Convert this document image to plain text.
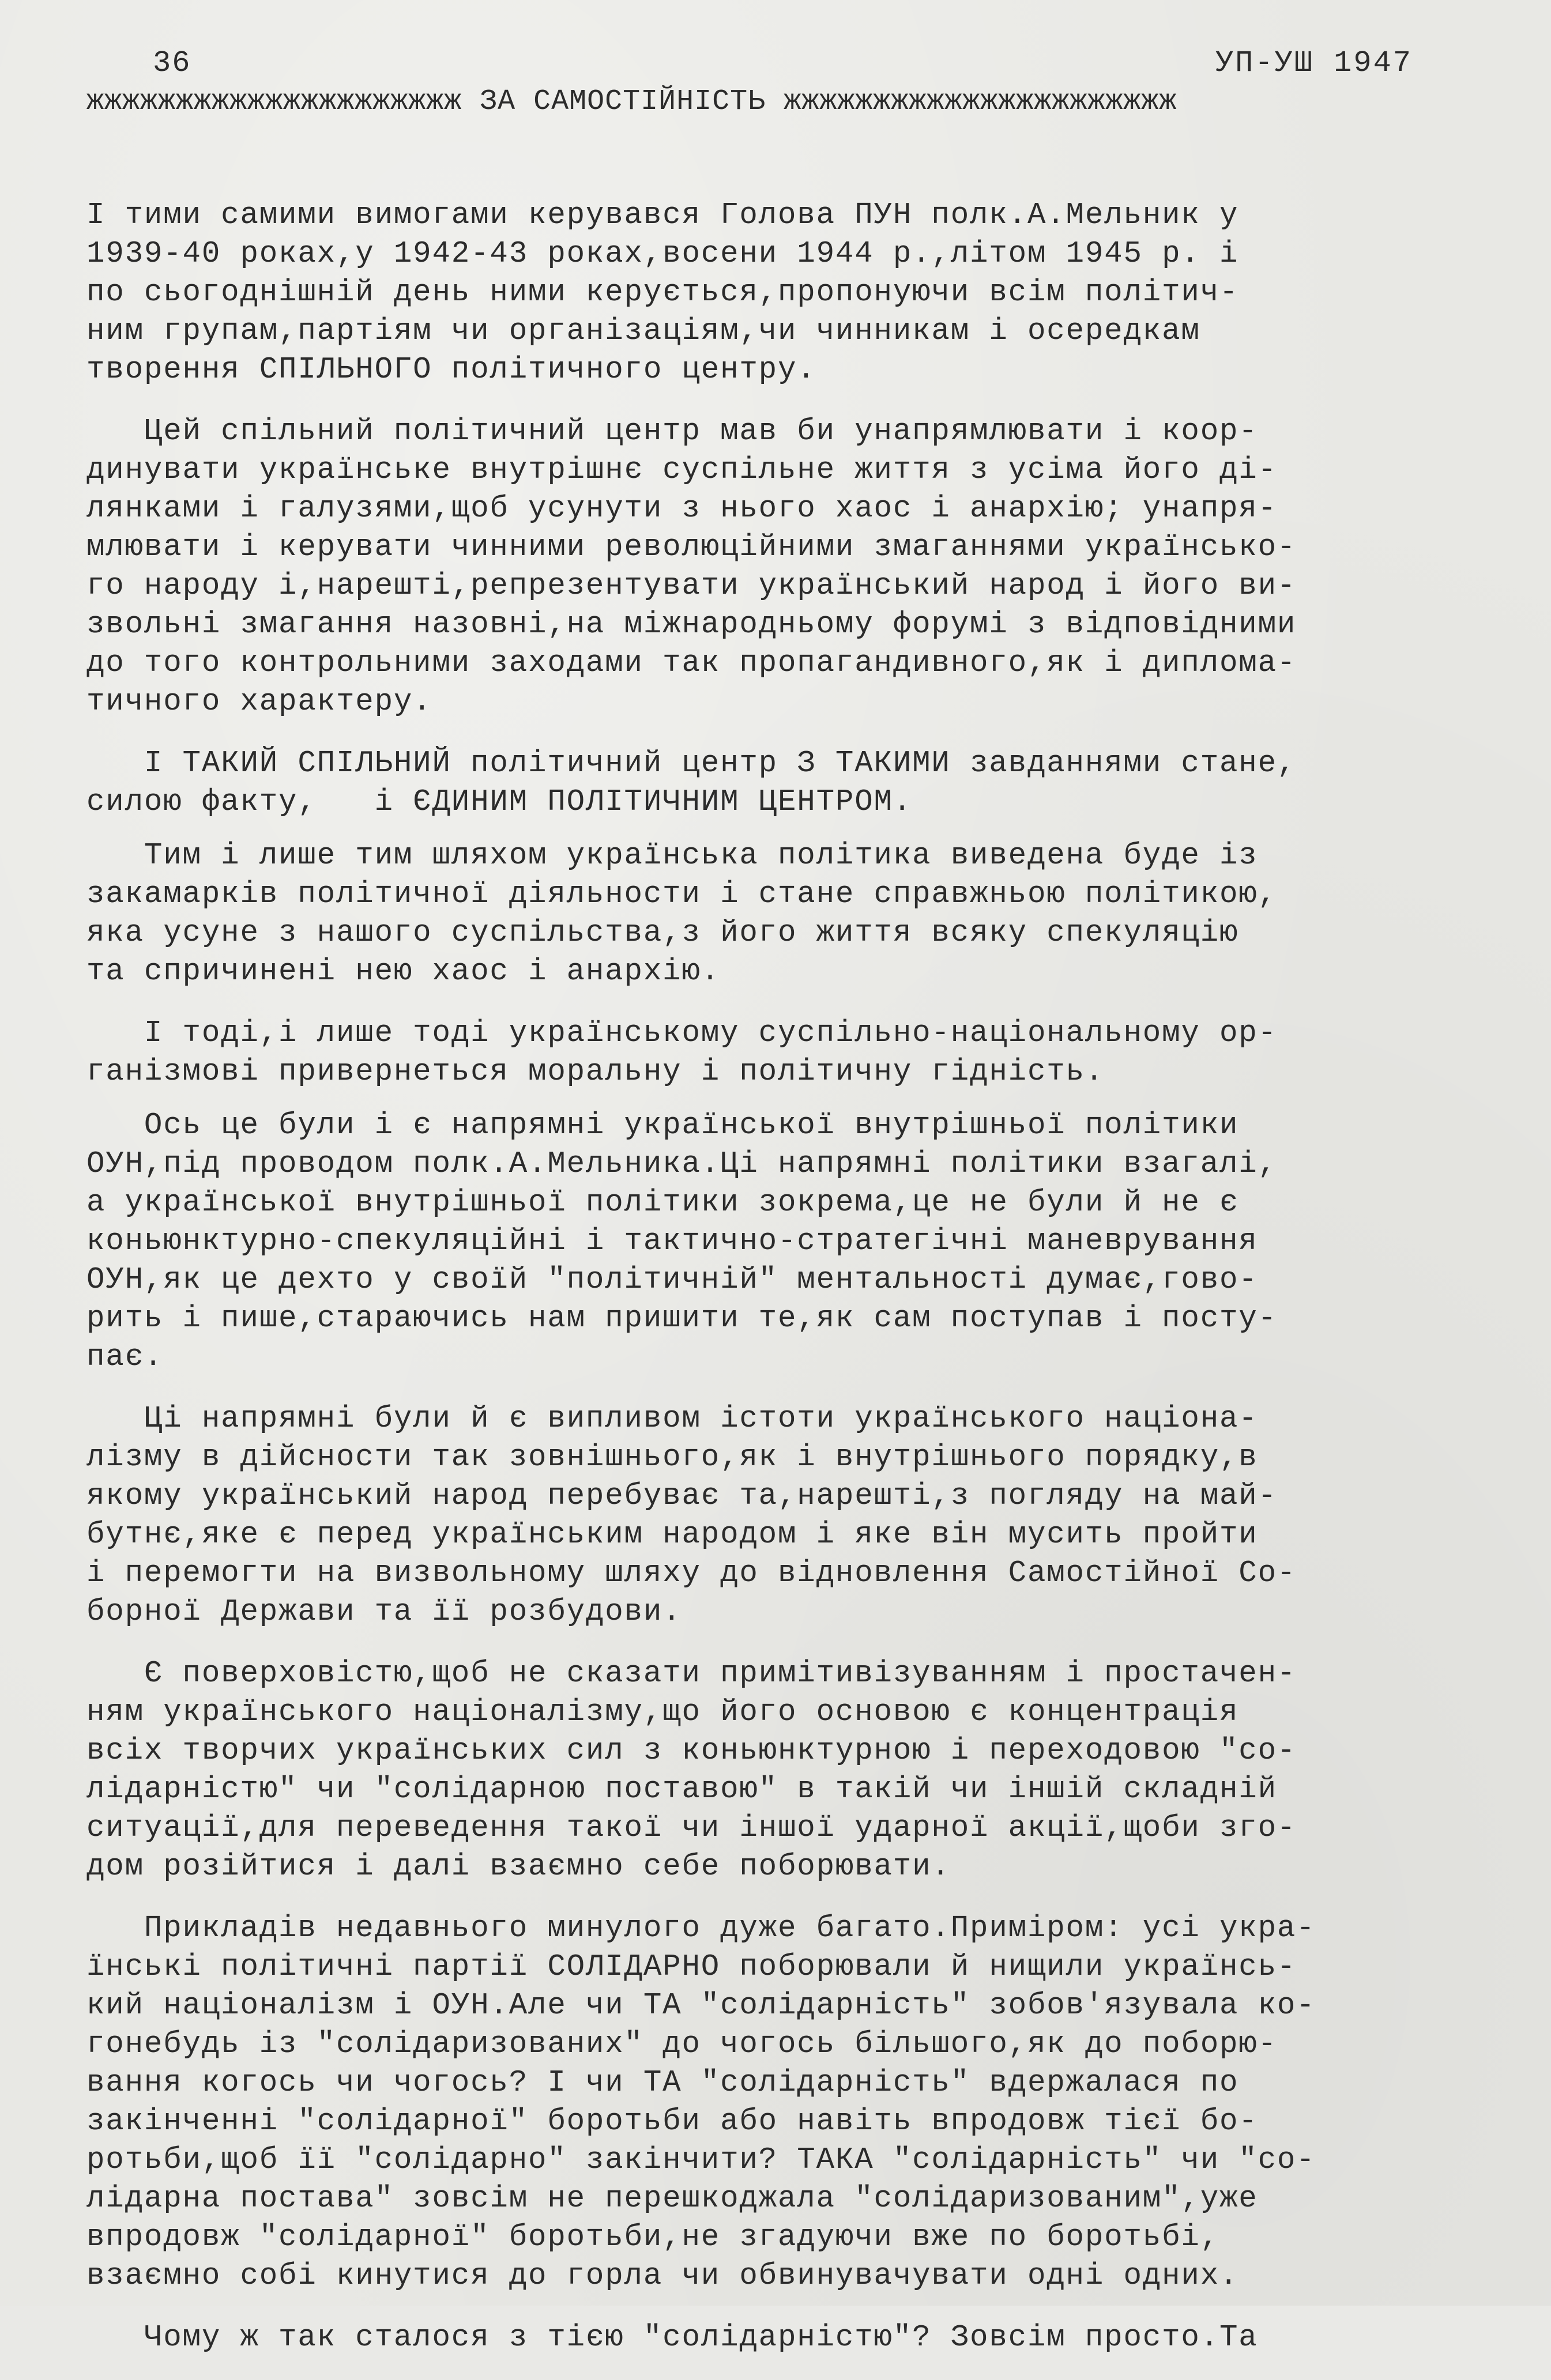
36	УП-УШ 1947
жжжжжжжжжжжжжжжжжжжжж ЗА САМОСТІЙНІСТЬ жжжжжжжжжжжжжжжжжжжжжж
І тими самими вимогами керувався Голова ПУН полк.А.Мельник у
1939-40 роках,у 1942-43 роках,восени 1944 р.,літом 1945 р. і
по сьогоднішній день ними керується,пропонуючи всім політич-
ним групам,партіям чи організаціям,чи чинникам і осередкам
творення СПІЛЬНОГО політичного центру.
Цей спільний політичний центр мав би унапрямлювати і коор-
динувати українське внутрішнє суспільне життя з усіма його ді-
лянками і галузями,щоб усунути з нього хаос і анархію; унапря-
млювати і керувати чинними революційними змаганнями українсько-
го народу і,нарешті,репрезентувати український народ і його ви-
звольні змагання назовні,на міжнародньому форумі з відповідними
до того контрольними заходами так пропагандивного,як і диплома-
тичного характеру.
І ТАКИЙ СПІЛЬНИЙ політичний центр З ТАКИМИ завданнями стане,
силою факту,   і ЄДИНИМ ПОЛІТИЧНИМ ЦЕНТРОМ.
Тим і лише тим шляхом українська політика виведена буде із
закамарків політичної діяльности і стане справжньою політикою,
яка усуне з нашого суспільства,з його життя всяку спекуляцію
та спричинені нею хаос і анархію.
І тоді,і лише тоді українському суспільно-національному ор-
ганізмові привернеться моральну і політичну гідність.
Ось це були і є напрямні української внутрішньої політики
ОУН,під проводом полк.А.Мельника.Ці напрямні політики взагалі,
а української внутрішньої політики зокрема,це не були й не є
коньюнктурно-спекуляційні і тактично-стратегічні маневрування
ОУН,як це дехто у своїй "політичній" ментальності думає,гово-
рить і пише,стараючись нам пришити те,як сам поступав і посту-
пає.
Ці напрямні були й є випливом істоти українського націона-
лізму в дійсности так зовнішнього,як і внутрішнього порядку,в
якому український народ перебуває та,нарешті,з погляду на май-
бутнє,яке є перед українським народом і яке він мусить пройти
і перемогти на визвольному шляху до відновлення Самостійної Со-
борної Держави та її розбудови.
Є поверховістю,щоб не сказати примітивізуванням і простачен-
ням українського націоналізму,що його основою є концентрація
всіх творчих українських сил з коньюнктурною і переходовою "со-
лідарністю" чи "солідарною поставою" в такій чи іншій складній
ситуації,для переведення такої чи іншої ударної акції,щоби зго-
дом розійтися і далі взаємно себе поборювати.
Прикладів недавнього минулого дуже багато.Приміром: усі укра-
їнські політичні партії СОЛІДАРНО поборювали й нищили українсь-
кий націоналізм і ОУН.Але чи ТА "солідарність" зобов'язувала ко-
гонебудь із "солідаризованих" до чогось більшого,як до поборю-
вання когось чи чогось? І чи ТА "солідарність" вдержалася по
закінченні "солідарної" боротьби або навіть впродовж тієї бо-
ротьби,щоб її "солідарно" закінчити? ТАКА "солідарність" чи "со-
лідарна постава" зовсім не перешкоджала "солідаризованим",уже
впродовж "солідарної" боротьби,не згадуючи вже по боротьбі,
взаємно собі кинутися до горла чи обвинувачувати одні одних.
Чому ж так сталося з тією "солідарністю"? Зовсім просто.Та
